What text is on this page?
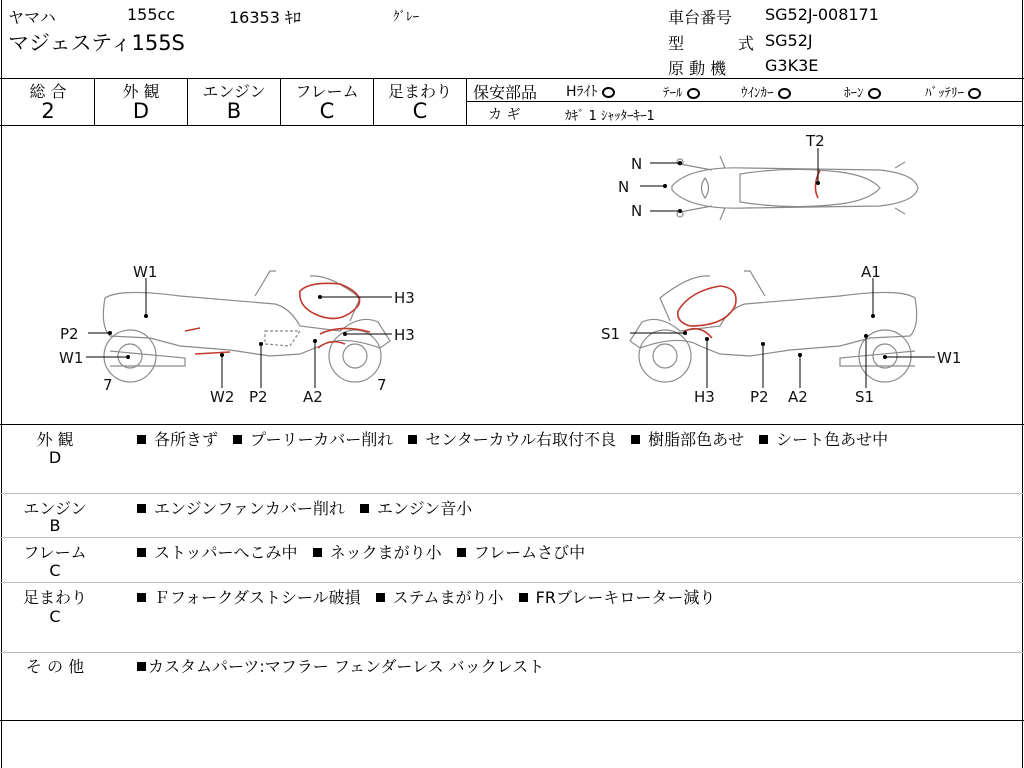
ヤマハ	155cc	16353 ｷﾛ	ｸﾞﾚｰ
マジェスティ155S
車台番号 SG52J-008171
型	式 SG52J
原 動 機 G3K3E
総 合
2
外 観
D
エンジン
B
フレーム
C
足まわり
C
保安部品 Hﾗｲﾄ	ﾃｰﾙ	ｳｲﾝｶｰ	ﾎｰﾝ	ﾊﾞｯﾃﾘｰ
カ ギ	ｶｷﾞ 1 ｼｬｯﾀｰｷｰ1
N
N
N
T2
W1
P2
W1
7
W2 P2 A2
H3
H3
7
A1
S1
W1
H3 P2 A2	S1
外 観
D
各所きず プーリーカバー削れ センターカウル右取付不良 樹脂部色あせ シート色あせ中
エンジン
B
エンジンファンカバー削れ エンジン音小
フレーム
C
ストッパーへこみ中 ネックまがり小 フレームさび中
足まわり
C
Ｆフォークダストシール破損 ステムまがり小 FRブレーキローター減り
そ の 他	カスタムパーツ:マフラー フェンダーレス バックレスト
